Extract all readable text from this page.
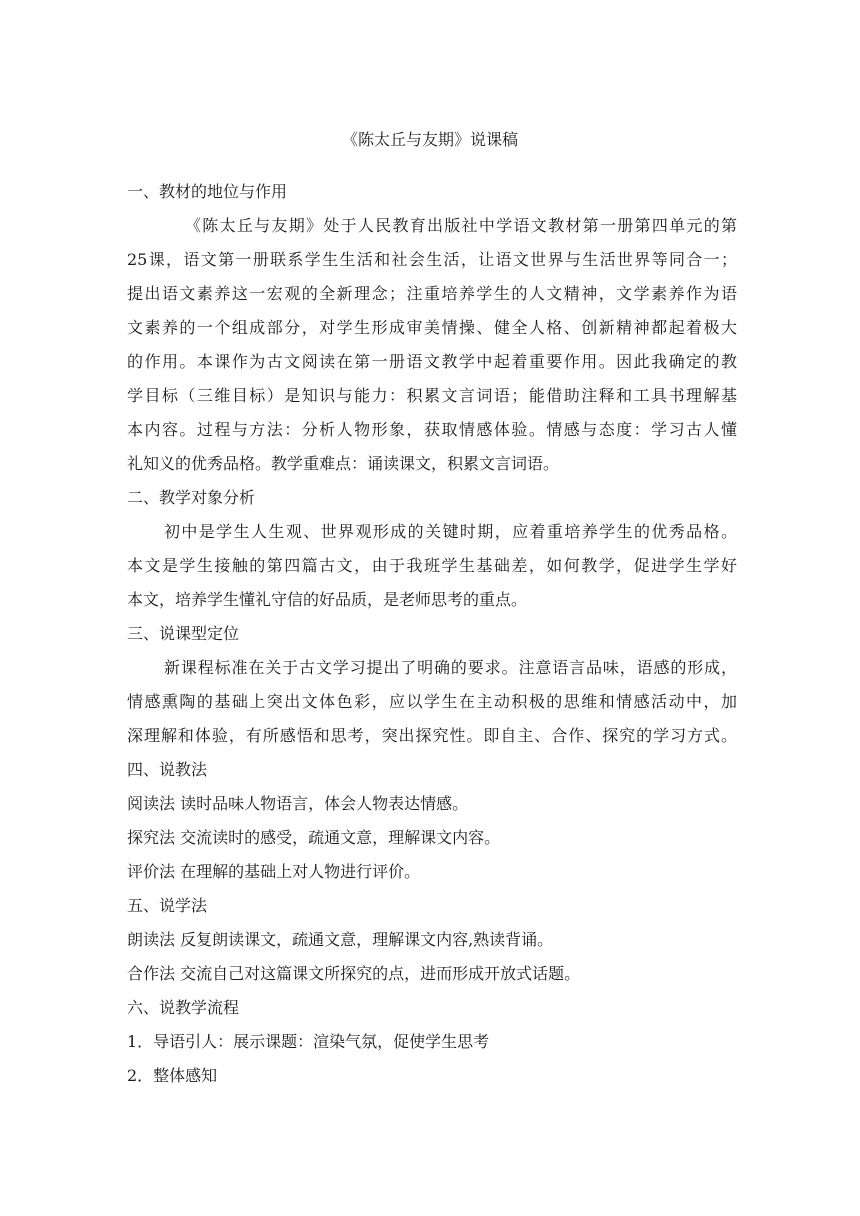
《陈太丘与友期》说课稿
一、教材的地位与作用
《陈太丘与友期》处于人民教育出版社中学语文教材第一册第四单元的第
25课，语文第一册联系学生生活和社会生活，让语文世界与生活世界等同合一；
提出语文素养这一宏观的全新理念；注重培养学生的人文精神，文学素养作为语
文素养的一个组成部分，对学生形成审美情操、健全人格、创新精神都起着极大
的作用。本课作为古文阅读在第一册语文教学中起着重要作用。因此我确定的教
学目标（三维目标）是知识与能力：积累文言词语；能借助注释和工具书理解基
本内容。过程与方法：分析人物形象，获取情感体验。情感与态度：学习古人懂
礼知义的优秀品格。教学重难点：诵读课文，积累文言词语。
二、教学对象分析
初中是学生人生观、世界观形成的关键时期，应着重培养学生的优秀品格。
本文是学生接触的第四篇古文，由于我班学生基础差，如何教学，促进学生学好
本文，培养学生懂礼守信的好品质，是老师思考的重点。
三、说课型定位
新课程标准在关于古文学习提出了明确的要求。注意语言品味，语感的形成，
情感熏陶的基础上突出文体色彩，应以学生在主动积极的思维和情感活动中，加
深理解和体验，有所感悟和思考，突出探究性。即自主、合作、探究的学习方式。
四、说教法
阅读法 读时品味人物语言，体会人物表达情感。
探究法 交流读时的感受，疏通文意，理解课文内容。
评价法 在理解的基础上对人物进行评价。
五、说学法
朗读法 反复朗读课文，疏通文意，理解课文内容,熟读背诵。
合作法 交流自己对这篇课文所探究的点，进而形成开放式话题。
六、说教学流程
1．导语引人：展示课题：渲染气氛，促使学生思考
2．整体感知
